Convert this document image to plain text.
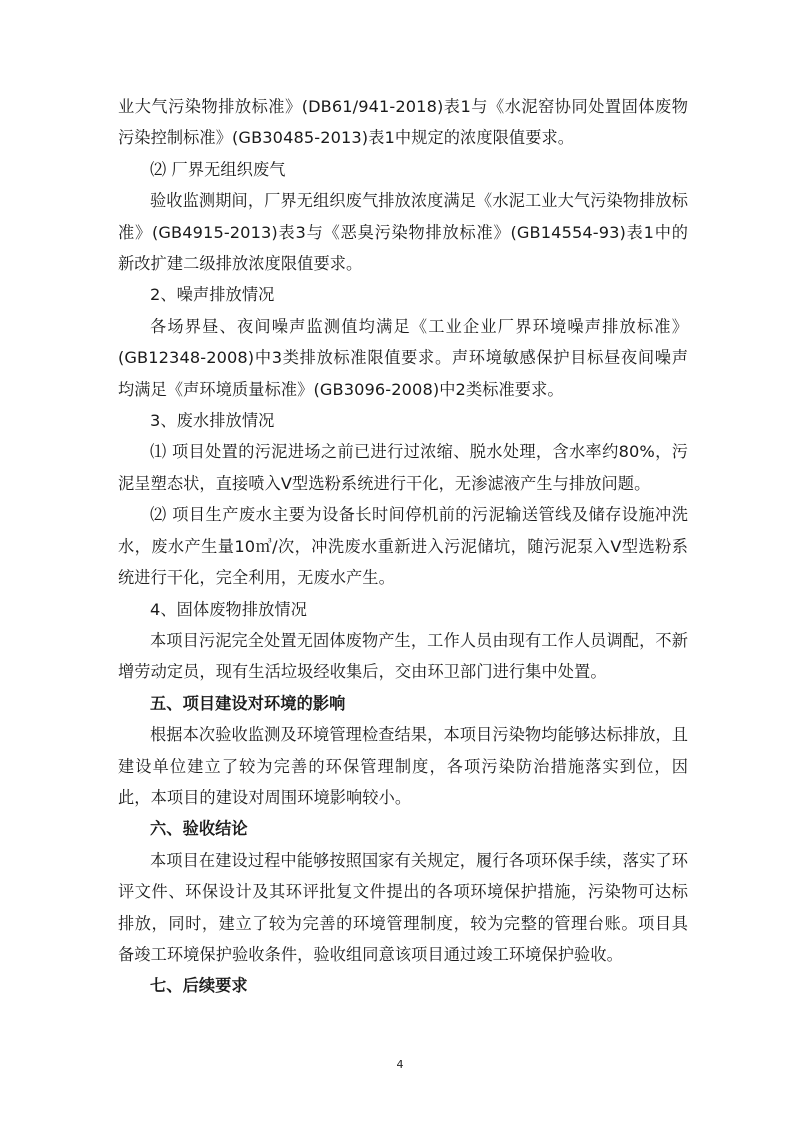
业大气污染物排放标准》(DB61/941-2018)表1与《水泥窑协同处置固体废物污染控制标准》(GB30485-2013)表1中规定的浓度限值要求。

⑵ 厂界无组织废气

验收监测期间，厂界无组织废气排放浓度满足《水泥工业大气污染物排放标准》(GB4915-2013)表3与《恶臭污染物排放标准》(GB14554-93)表1中的新改扩建二级排放浓度限值要求。

2、噪声排放情况

各场界昼、夜间噪声监测值均满足《工业企业厂界环境噪声排放标准》(GB12348-2008)中3类排放标准限值要求。声环境敏感保护目标昼夜间噪声均满足《声环境质量标准》(GB3096-2008)中2类标准要求。

3、废水排放情况

⑴ 项目处置的污泥进场之前已进行过浓缩、脱水处理，含水率约80%，污泥呈塑态状，直接喷入V型选粉系统进行干化，无渗滤液产生与排放问题。

⑵ 项目生产废水主要为设备长时间停机前的污泥输送管线及储存设施冲洗水，废水产生量10㎥/次，冲洗废水重新进入污泥储坑，随污泥泵入V型选粉系统进行干化，完全利用，无废水产生。

4、固体废物排放情况

本项目污泥完全处置无固体废物产生，工作人员由现有工作人员调配，不新增劳动定员，现有生活垃圾经收集后，交由环卫部门进行集中处置。

五、项目建设对环境的影响

根据本次验收监测及环境管理检查结果，本项目污染物均能够达标排放，且建设单位建立了较为完善的环保管理制度，各项污染防治措施落实到位，因此，本项目的建设对周围环境影响较小。

六、验收结论

本项目在建设过程中能够按照国家有关规定，履行各项环保手续，落实了环评文件、环保设计及其环评批复文件提出的各项环境保护措施，污染物可达标排放，同时，建立了较为完善的环境管理制度，较为完整的管理台账。项目具备竣工环境保护验收条件，验收组同意该项目通过竣工环境保护验收。

七、后续要求

4
